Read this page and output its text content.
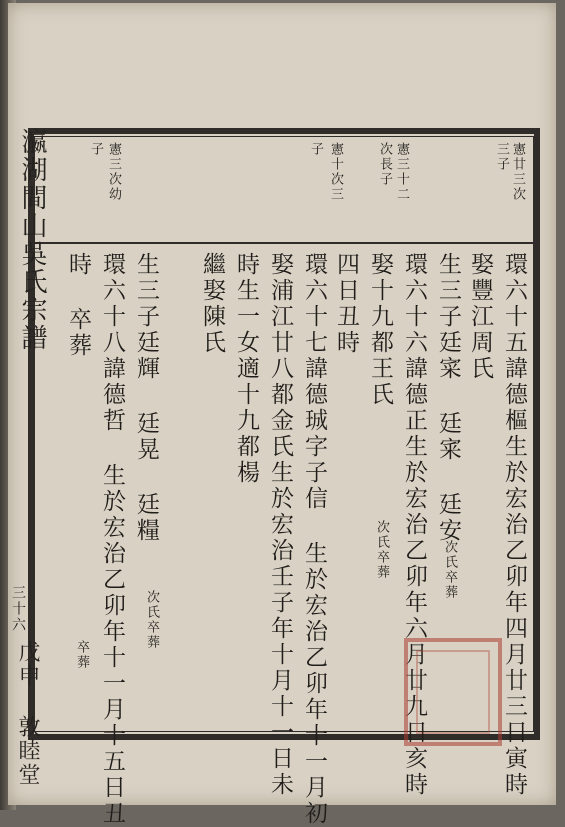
瀛湖間山吳氏宗譜
三十六
戊申 敦睦堂
憲廿三次
三子
憲三十二
次長子
憲十次三
子
憲三次幼
子
環六十五諱德樞生於宏治乙卯年四月廿三日寅時
娶豐江周氏
生三子廷寀 廷宷 廷安
環六十六諱德正生於宏治乙卯年六月廿九日亥時
娶十九都王氏
四日丑時
環六十七諱德珹字子信 生於宏治乙卯年十一月初
娶浦江廿八都金氏生於宏治壬子年十月十一日未
時生一女適十九都楊
繼娶陳氏
生三子廷輝 廷晃 廷糧
環六十八諱德哲 生於宏治乙卯年十一月十五日丑
時 卒葬
次氏卒葬
次氏卒葬
卒葬
次氏卒葬
